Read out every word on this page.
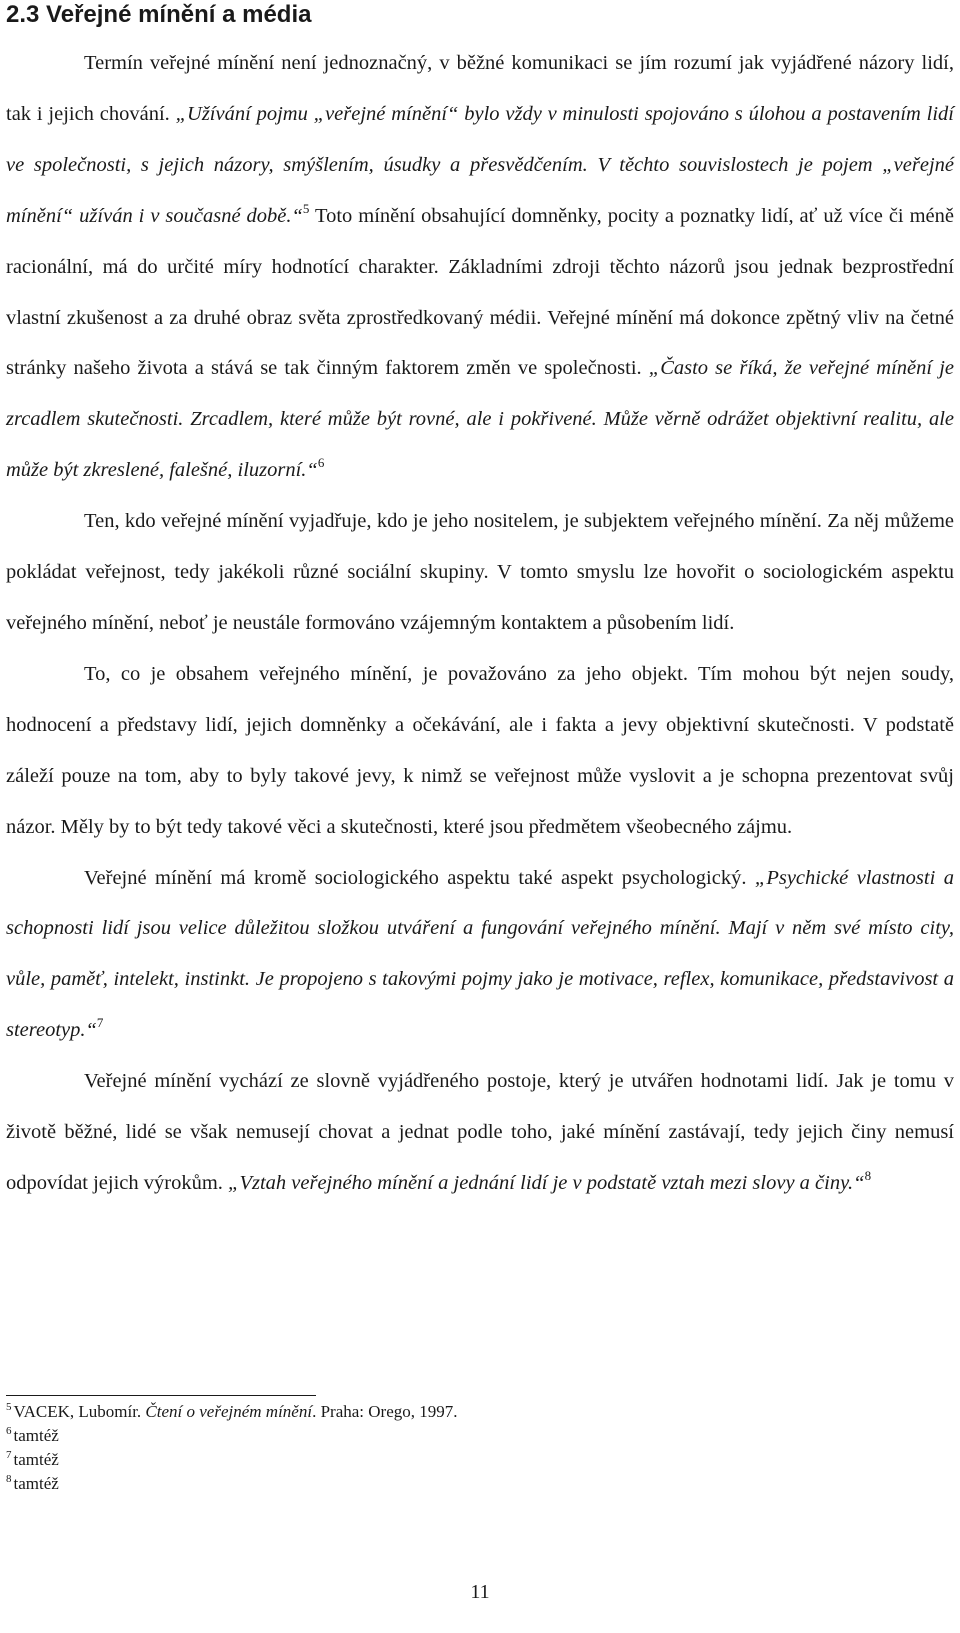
2.3 Veřejné mínění a média

Termín veřejné mínění není jednoznačný, v běžné komunikaci se jím rozumí jak vyjádřené názory lidí, tak i jejich chování. „Užívání pojmu „veřejné mínění“ bylo vždy v minulosti spojováno s úlohou a postavením lidí ve společnosti, s jejich názory, smýšlením, úsudky a přesvědčením. V těchto souvislostech je pojem „veřejné mínění“ užíván i v současné době.“$^5$ Toto mínění obsahující domněnky, pocity a poznatky lidí, ať už více či méně racionální, má do určité míry hodnotící charakter. Základními zdroji těchto názorů jsou jednak bezprostřední vlastní zkušenost a za druhé obraz světa zprostředkovaný médii. Veřejné mínění má dokonce zpětný vliv na četné stránky našeho života a stává se tak činným faktorem změn ve společnosti. „Často se říká, že veřejné mínění je zrcadlem skutečnosti. Zrcadlem, které může být rovné, ale i pokřivené. Může věrně odrážet objektivní realitu, ale může být zkreslené, falešné, iluzorní.“$^6$

Ten, kdo veřejné mínění vyjadřuje, kdo je jeho nositelem, je subjektem veřejného mínění. Za něj můžeme pokládat veřejnost, tedy jakékoli různé sociální skupiny. V tomto smyslu lze hovořit o sociologickém aspektu veřejného mínění, neboť je neustále formováno vzájemným kontaktem a působením lidí.

To, co je obsahem veřejného mínění, je považováno za jeho objekt. Tím mohou být nejen soudy, hodnocení a představy lidí, jejich domněnky a očekávání, ale i fakta a jevy objektivní skutečnosti. V podstatě záleží pouze na tom, aby to byly takové jevy, k nimž se veřejnost může vyslovit a je schopna prezentovat svůj názor. Měly by to být tedy takové věci a skutečnosti, které jsou předmětem všeobecného zájmu.

Veřejné mínění má kromě sociologického aspektu také aspekt psychologický. „Psychické vlastnosti a schopnosti lidí jsou velice důležitou složkou utváření a fungování veřejného mínění. Mají v něm své místo city, vůle, paměť, intelekt, instinkt. Je propojeno s takovými pojmy jako je motivace, reflex, komunikace, představivost a stereotyp.“$^7$

Veřejné mínění vychází ze slovně vyjádřeného postoje, který je utvářen hodnotami lidí. Jak je tomu v životě běžné, lidé se však nemusejí chovat a jednat podle toho, jaké mínění zastávají, tedy jejich činy nemusí odpovídat jejich výrokům. „Vztah veřejného mínění a jednání lidí je v podstatě vztah mezi slovy a činy.“$^8$

$^5$ VACEK, Lubomír. Čtení o veřejném mínění. Praha: Orego, 1997.
$^6$ tamtéž
$^7$ tamtéž
$^8$ tamtéž
11
